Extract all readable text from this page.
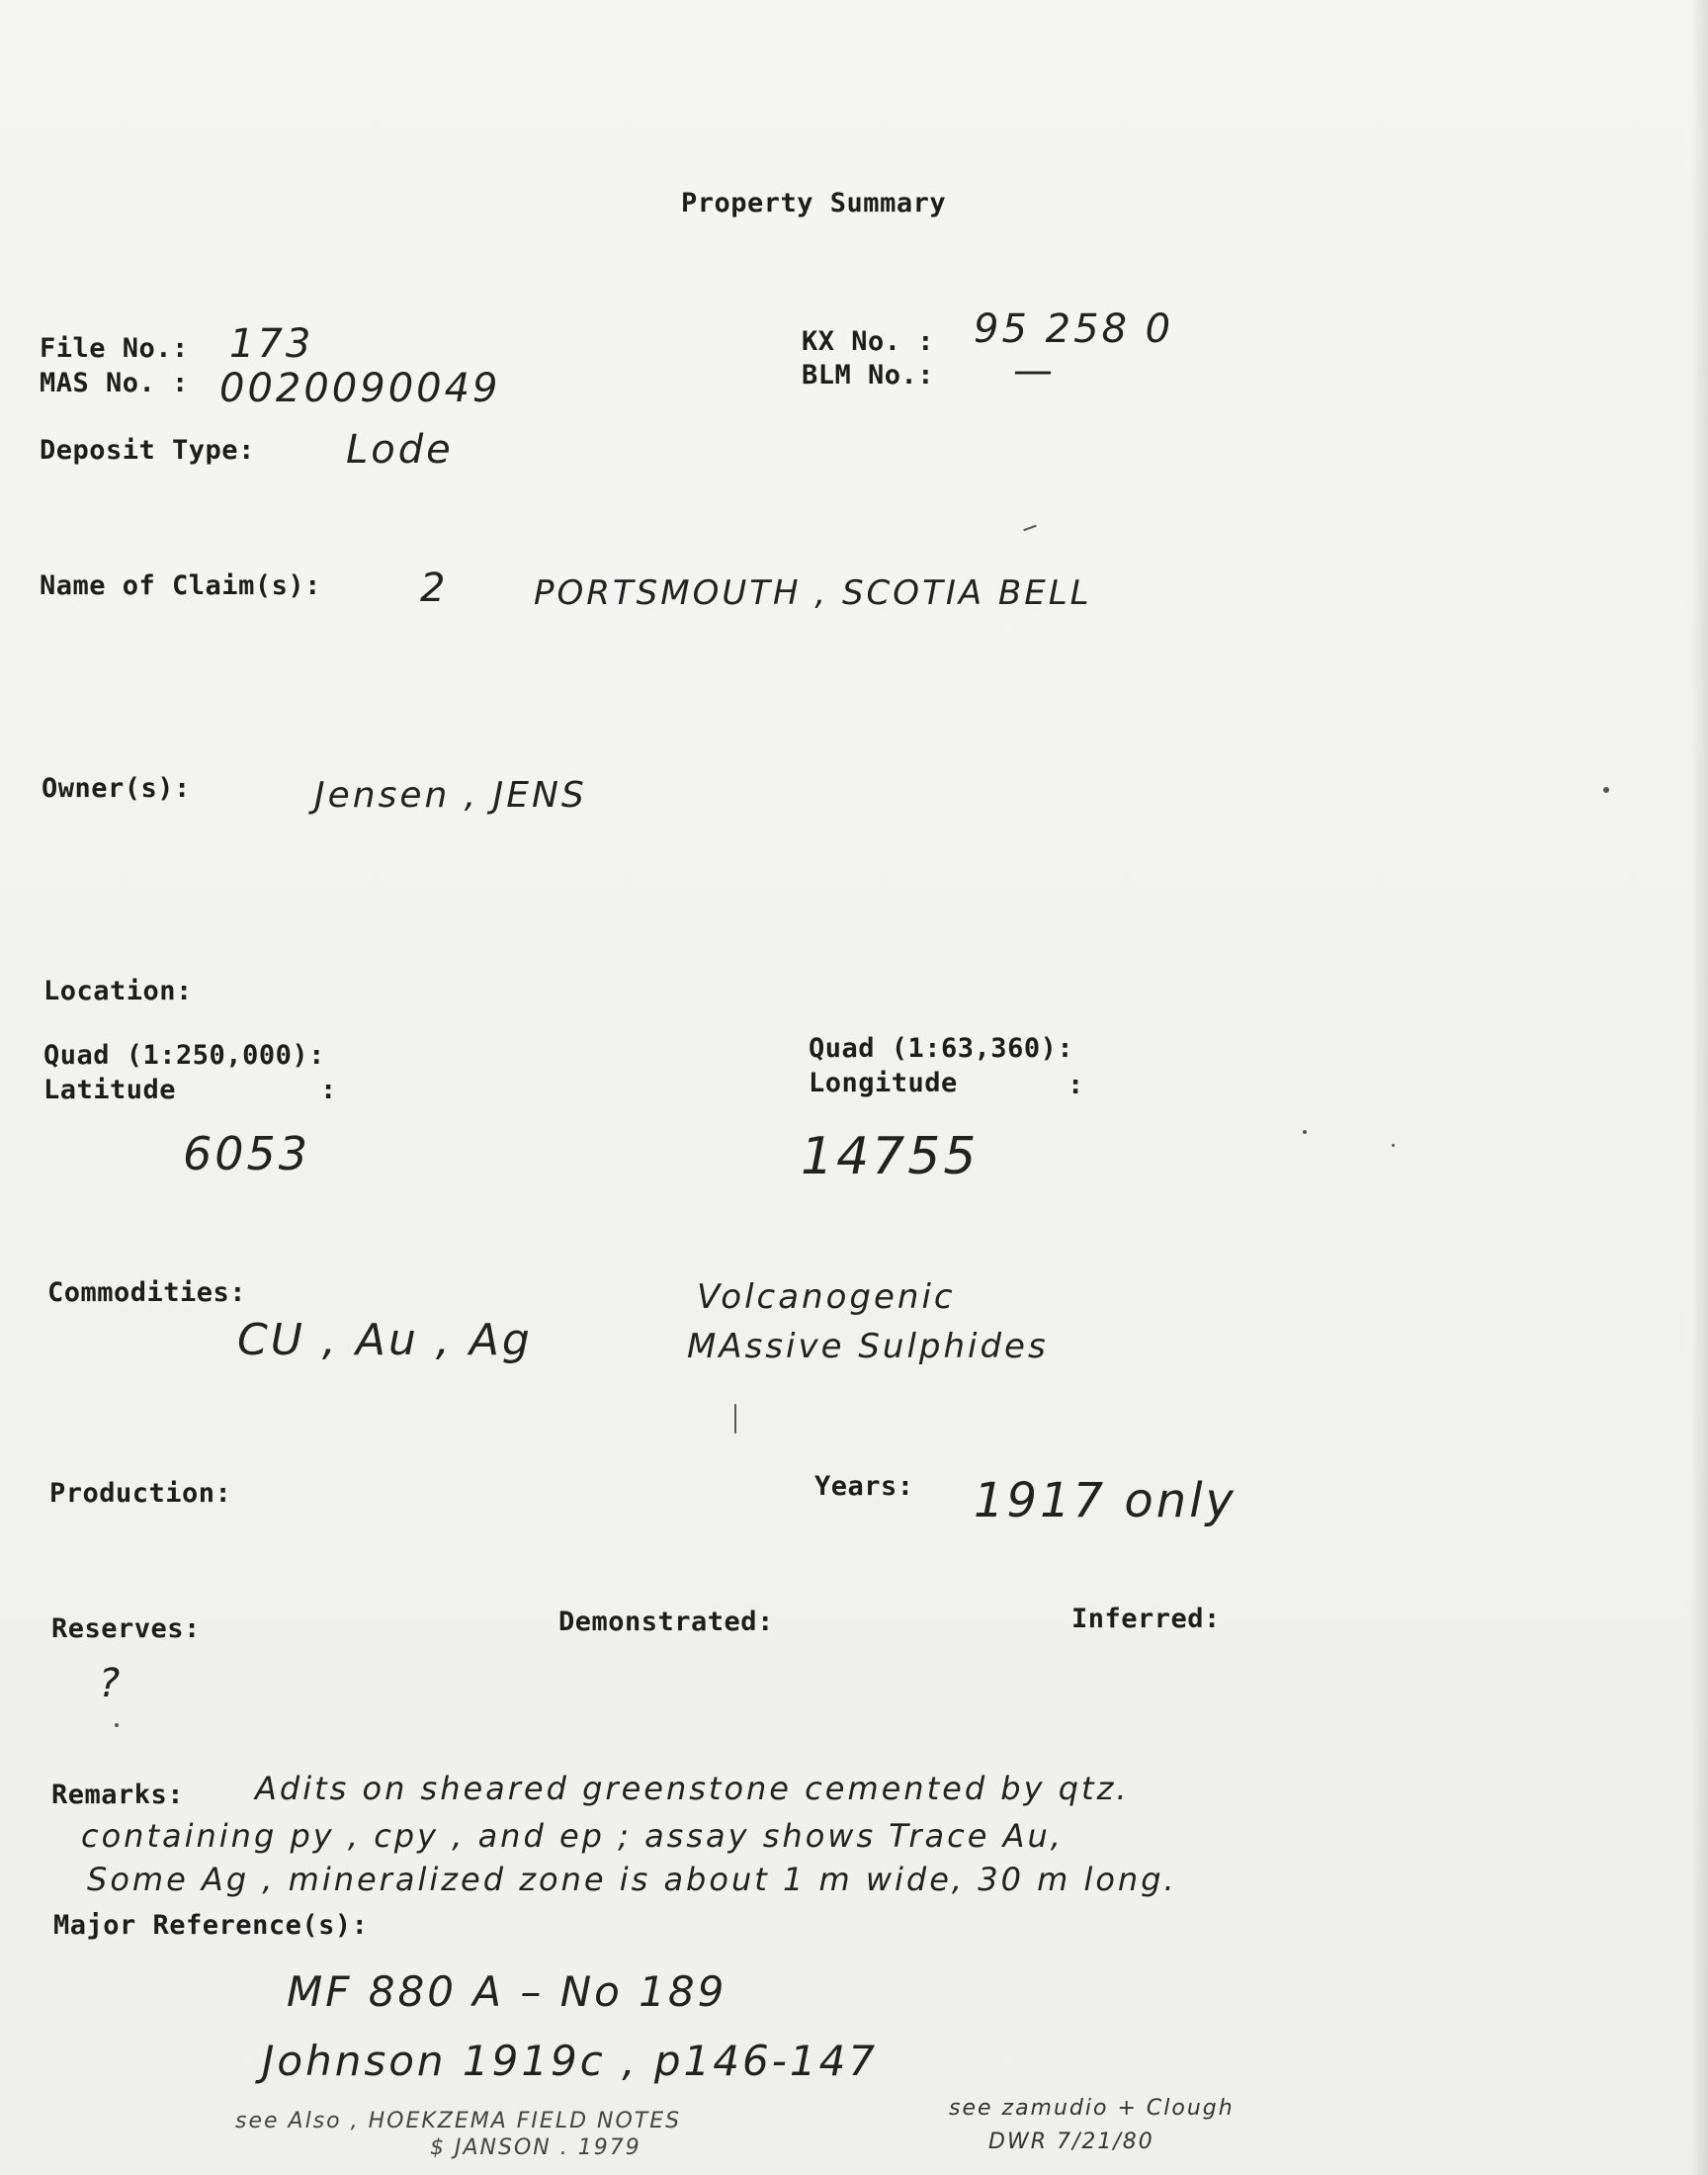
Property Summary
File No.: 173
MAS No. : 0020090049
KX No. : 95 258 0
BLM No.: —
Deposit Type: Lode
Name of Claim(s):	2	PORTSMOUTH , SCOTIA BELL
Owner(s):	Jensen , JENS
Location:
Quad (1:250,000):
Latitude	:
6053
Quad (1:63,360):
Longitude	:
14755
Commodities:
CU , Au , Ag
Volcanogenic
MAssive Sulphides
Production:	Years: 1917 only
Reserves:	Demonstrated:	Inferred:
?
Remarks: Adits on sheared greenstone cemented by qtz.
containing py , cpy , and ep ; assay shows Trace Au,
Some Ag , mineralized zone is about 1 m wide, 30 m long.
Major Reference(s):
MF 880 A – No 189
Johnson 1919c , p146-147
see Also , HOEKZEMA FIELD NOTES
$ JANSON . 1979
see zamudio + Clough
DWR 7/21/80
